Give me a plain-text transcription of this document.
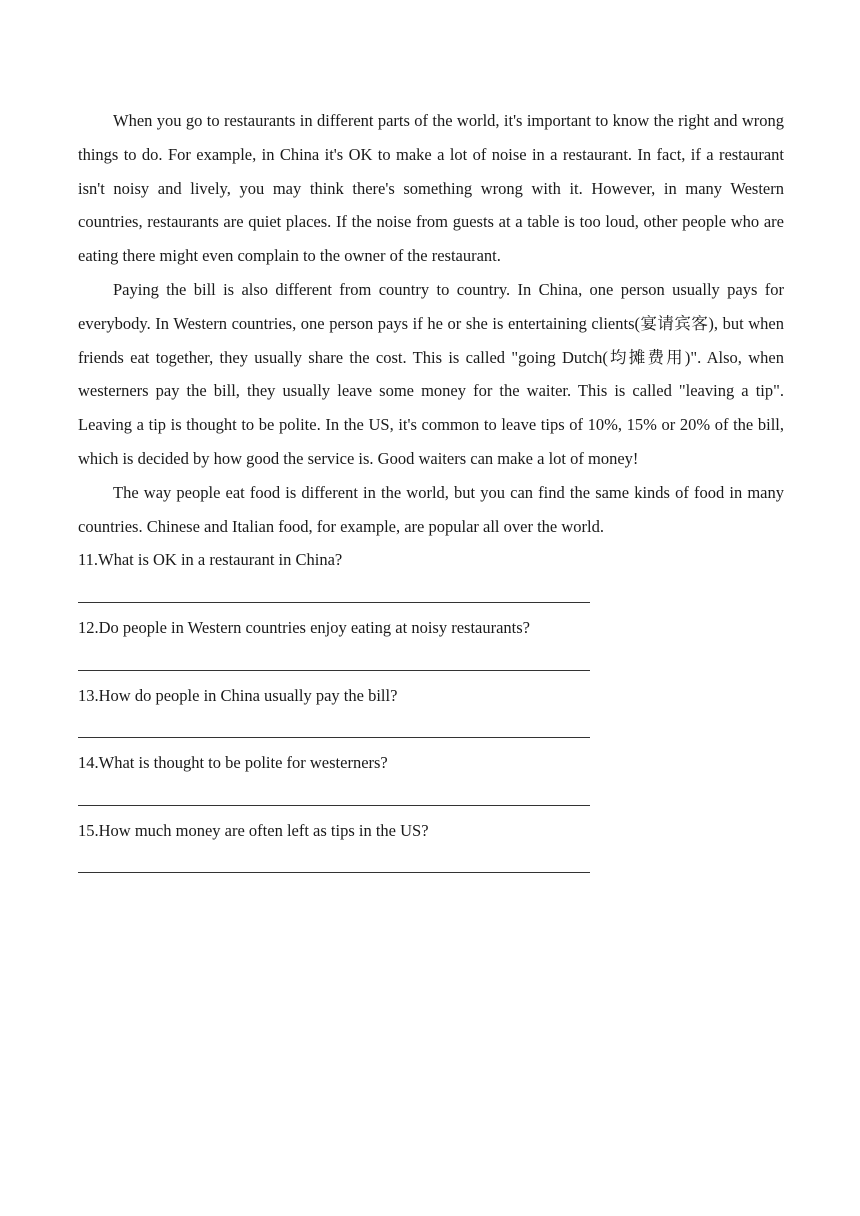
When you go to restaurants in different parts of the world, it's important to know the right and wrong things to do. For example, in China it's OK to make a lot of noise in a restaurant. In fact, if a restaurant isn't noisy and lively, you may think there's something wrong with it. However, in many Western countries, restaurants are quiet places. If the noise from guests at a table is too loud, other people who are eating there might even complain to the owner of the restaurant.

Paying the bill is also different from country to country. In China, one person usually pays for everybody. In Western countries, one person pays if he or she is entertaining clients(宴请宾客), but when friends eat together, they usually share the cost. This is called "going Dutch(均摊费用)". Also, when westerners pay the bill, they usually leave some money for the waiter. This is called "leaving a tip". Leaving a tip is thought to be polite. In the US, it's common to leave tips of 10%, 15% or 20% of the bill, which is decided by how good the service is. Good waiters can make a lot of money!

The way people eat food is different in the world, but you can find the same kinds of food in many countries. Chinese and Italian food, for example, are popular all over the world.

11.What is OK in a restaurant in China?

12.Do people in Western countries enjoy eating at noisy restaurants?

13.How do people in China usually pay the bill?

14.What is thought to be polite for westerners?

15.How much money are often left as tips in the US?
